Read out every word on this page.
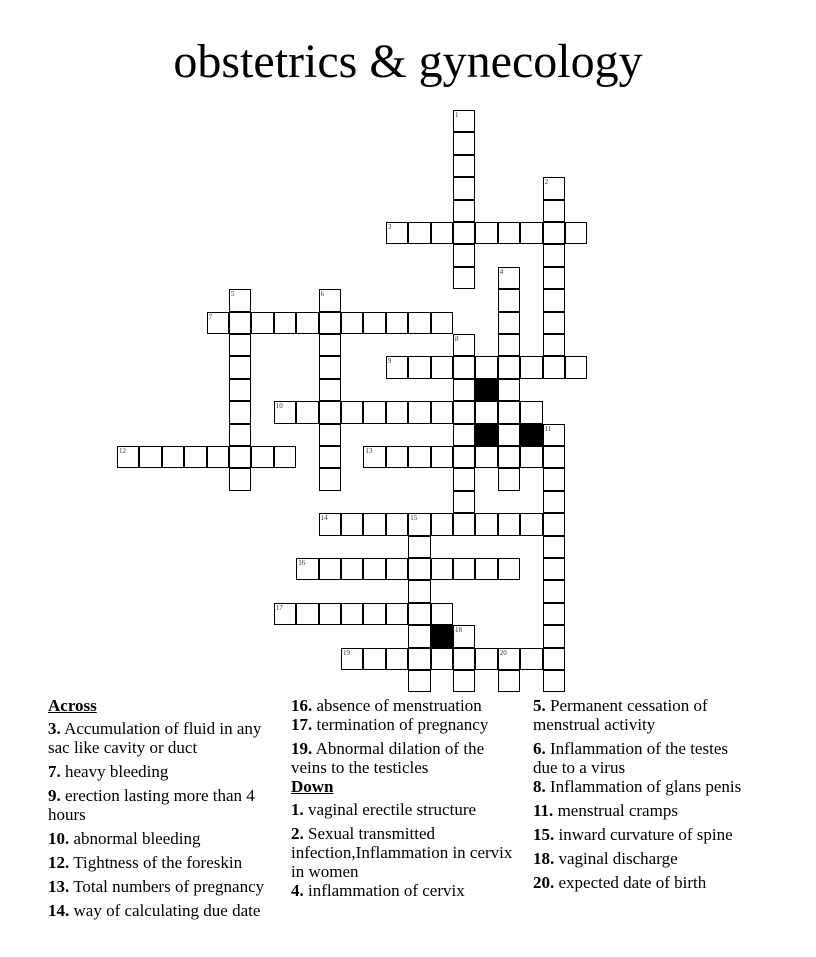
obstetrics & gynecology
1
2
3
4
5	6
7
8
9
10
11
12	13
14	15
16
17
18
19	20
Across
3. Accumulation of fluid in any sac like cavity or duct
7. heavy bleeding
9. erection lasting more than 4 hours
10. abnormal bleeding
12. Tightness of the foreskin
13. Total numbers of pregnancy
14. way of calculating due date
16. absence of menstruation
17. termination of pregnancy
19. Abnormal dilation of the veins to the testicles
Down
1. vaginal erectile structure
2. Sexual transmitted infection,Inflammation in cervix in women
4. inflammation of cervix
5. Permanent cessation of menstrual activity
6. Inflammation of the testes due to a virus
8. Inflammation of glans penis
11. menstrual cramps
15. inward curvature of spine
18. vaginal discharge
20. expected date of birth
